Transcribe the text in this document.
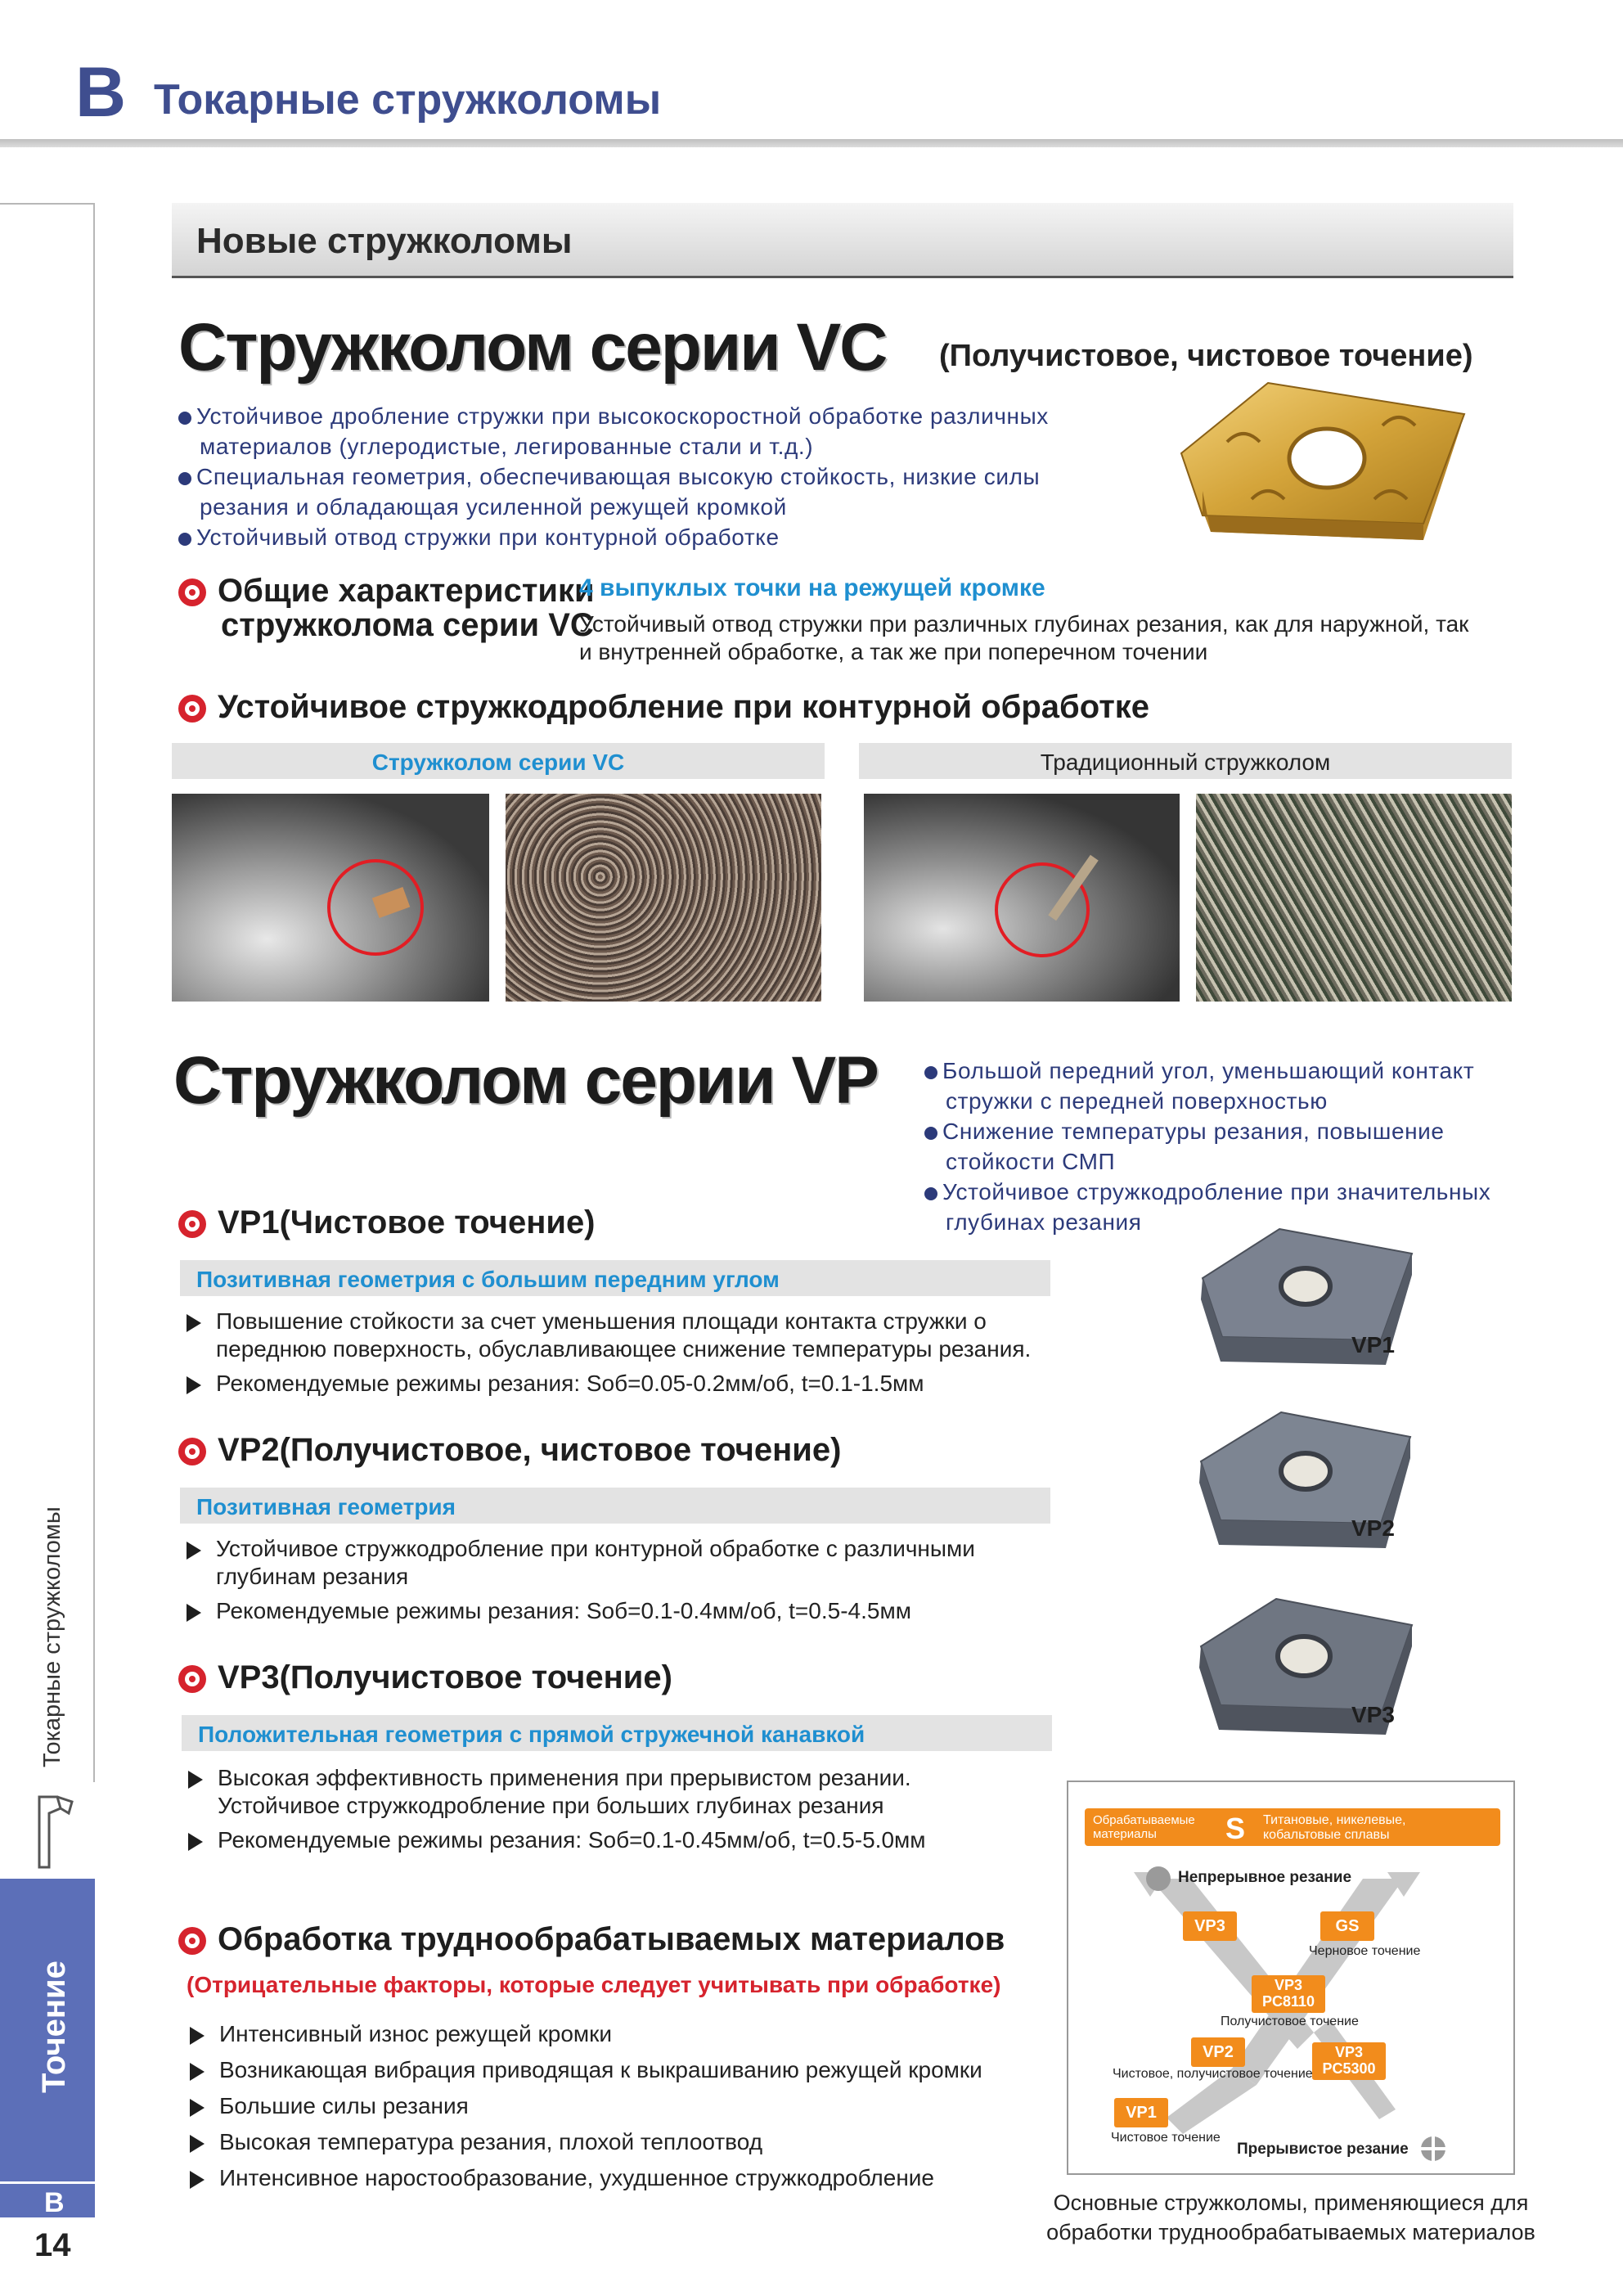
B Токарные стружколомы
Токарные стружколомы
Точение
B
14
Новые стружколомы
Стружколом серии VC (Получистовое, чистовое точение)
Устойчивое дробление стружки при высокоскоростной обработке различных
материалов (углеродистые, легированные стали и т.д.)
Специальная геометрия, обеспечивающая высокую стойкость, низкие силы
резания и обладающая усиленной режущей кромкой
Устойчивый отвод стружки при контурной обработке
Общие характеристики
стружколома серии VC
4 выпуклых точки на режущей кромке
Устойчивый отвод стружки при различных глубинах резания, как для наружной, так
и внутренней обработке, а так же при поперечном точении
Устойчивое стружкодробление при контурной обработке
Стружколом серии VC	Традиционный стружколом
Стружколом серии VP	Большой передний угол, уменьшающий контакт
стружки с передней поверхностью
Снижение температуры резания, повышение
стойкости СМП
Устойчивое стружкодробление при значительных
глубинах резания
VP1(Чистовое точение)
Позитивная геометрия с большим передним углом
Повышение стойкости за счет уменьшения площади контакта стружки о
переднюю поверхность, обуславливающее снижение температуры резания.
Рекомендуемые режимы резания: Sоб=0.05-0.2мм/об, t=0.1-1.5мм
VP2(Получистовое, чистовое точение)
Позитивная геометрия
Устойчивое стружкодробление при контурной обработке с различными
глубинам резания
Рекомендуемые режимы резания: Sоб=0.1-0.4мм/об, t=0.5-4.5мм
VP3(Получистовое точение)
Положительная геометрия с прямой стружечной канавкой
Высокая эффективность применения при прерывистом резании.
Устойчивое стружкодробление при больших глубинах резания
Рекомендуемые режимы резания: Sоб=0.1-0.45мм/об, t=0.5-5.0мм
VP1
VP2
VP3
Обработка труднообрабатываемых материалов
(Отрицательные факторы, которые следует учитывать при обработке)
Интенсивный износ режущей кромки
Возникающая вибрация приводящая к выкрашиванию режущей кромки
Большие силы резания
Высокая температура резания, плохой теплоотвод
Интенсивное наростообразование, ухудшенное стружкодробление
Обрабатываемые
материалы	S Титановые, никелевые,
кобальтовые сплавы
Непрерывное резание
VP3	GS
Черновое точение
VP3
PC8110
Получистовое точение
VP2	VP3
PC5300
Чистовое, получистовое точение
VP1
Чистовое точение
Прерывистое резание
Основные стружколомы, применяющиеся для
обработки труднообрабатываемых материалов
